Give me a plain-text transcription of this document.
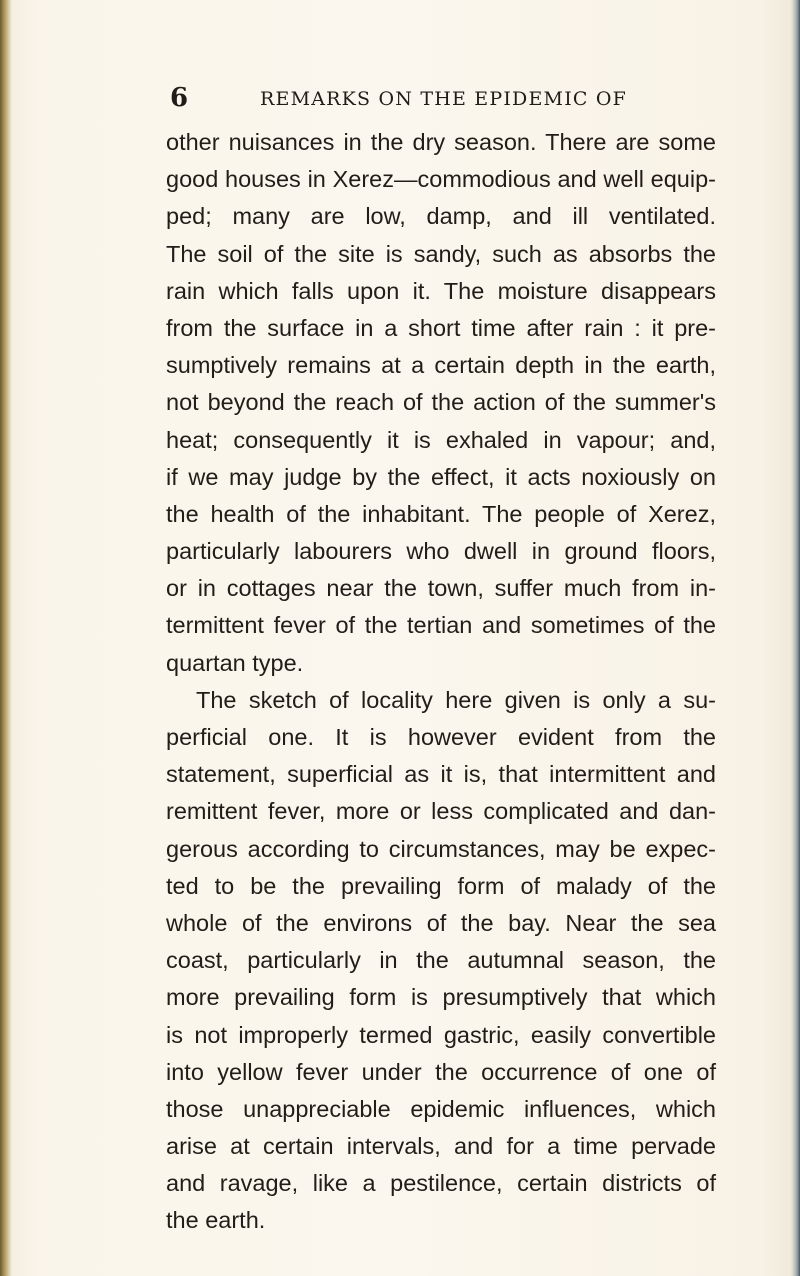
6	REMARKS ON THE EPIDEMIC OF
other nuisances in the dry season. There are some
good houses in Xerez—commodious and well equip-
ped; many are low, damp, and ill ventilated.
The soil of the site is sandy, such as absorbs the
rain which falls upon it. The moisture disappears
from the surface in a short time after rain : it pre-
sumptively remains at a certain depth in the earth,
not beyond the reach of the action of the summer's
heat; consequently it is exhaled in vapour; and,
if we may judge by the effect, it acts noxiously on
the health of the inhabitant. The people of Xerez,
particularly labourers who dwell in ground floors,
or in cottages near the town, suffer much from in-
termittent fever of the tertian and sometimes of the
quartan type.
The sketch of locality here given is only a su-
perficial one. It is however evident from the
statement, superficial as it is, that intermittent and
remittent fever, more or less complicated and dan-
gerous according to circumstances, may be expec-
ted to be the prevailing form of malady of the
whole of the environs of the bay. Near the sea
coast, particularly in the autumnal season, the
more prevailing form is presumptively that which
is not improperly termed gastric, easily convertible
into yellow fever under the occurrence of one of
those unappreciable epidemic influences, which
arise at certain intervals, and for a time pervade
and ravage, like a pestilence, certain districts of
the earth.
